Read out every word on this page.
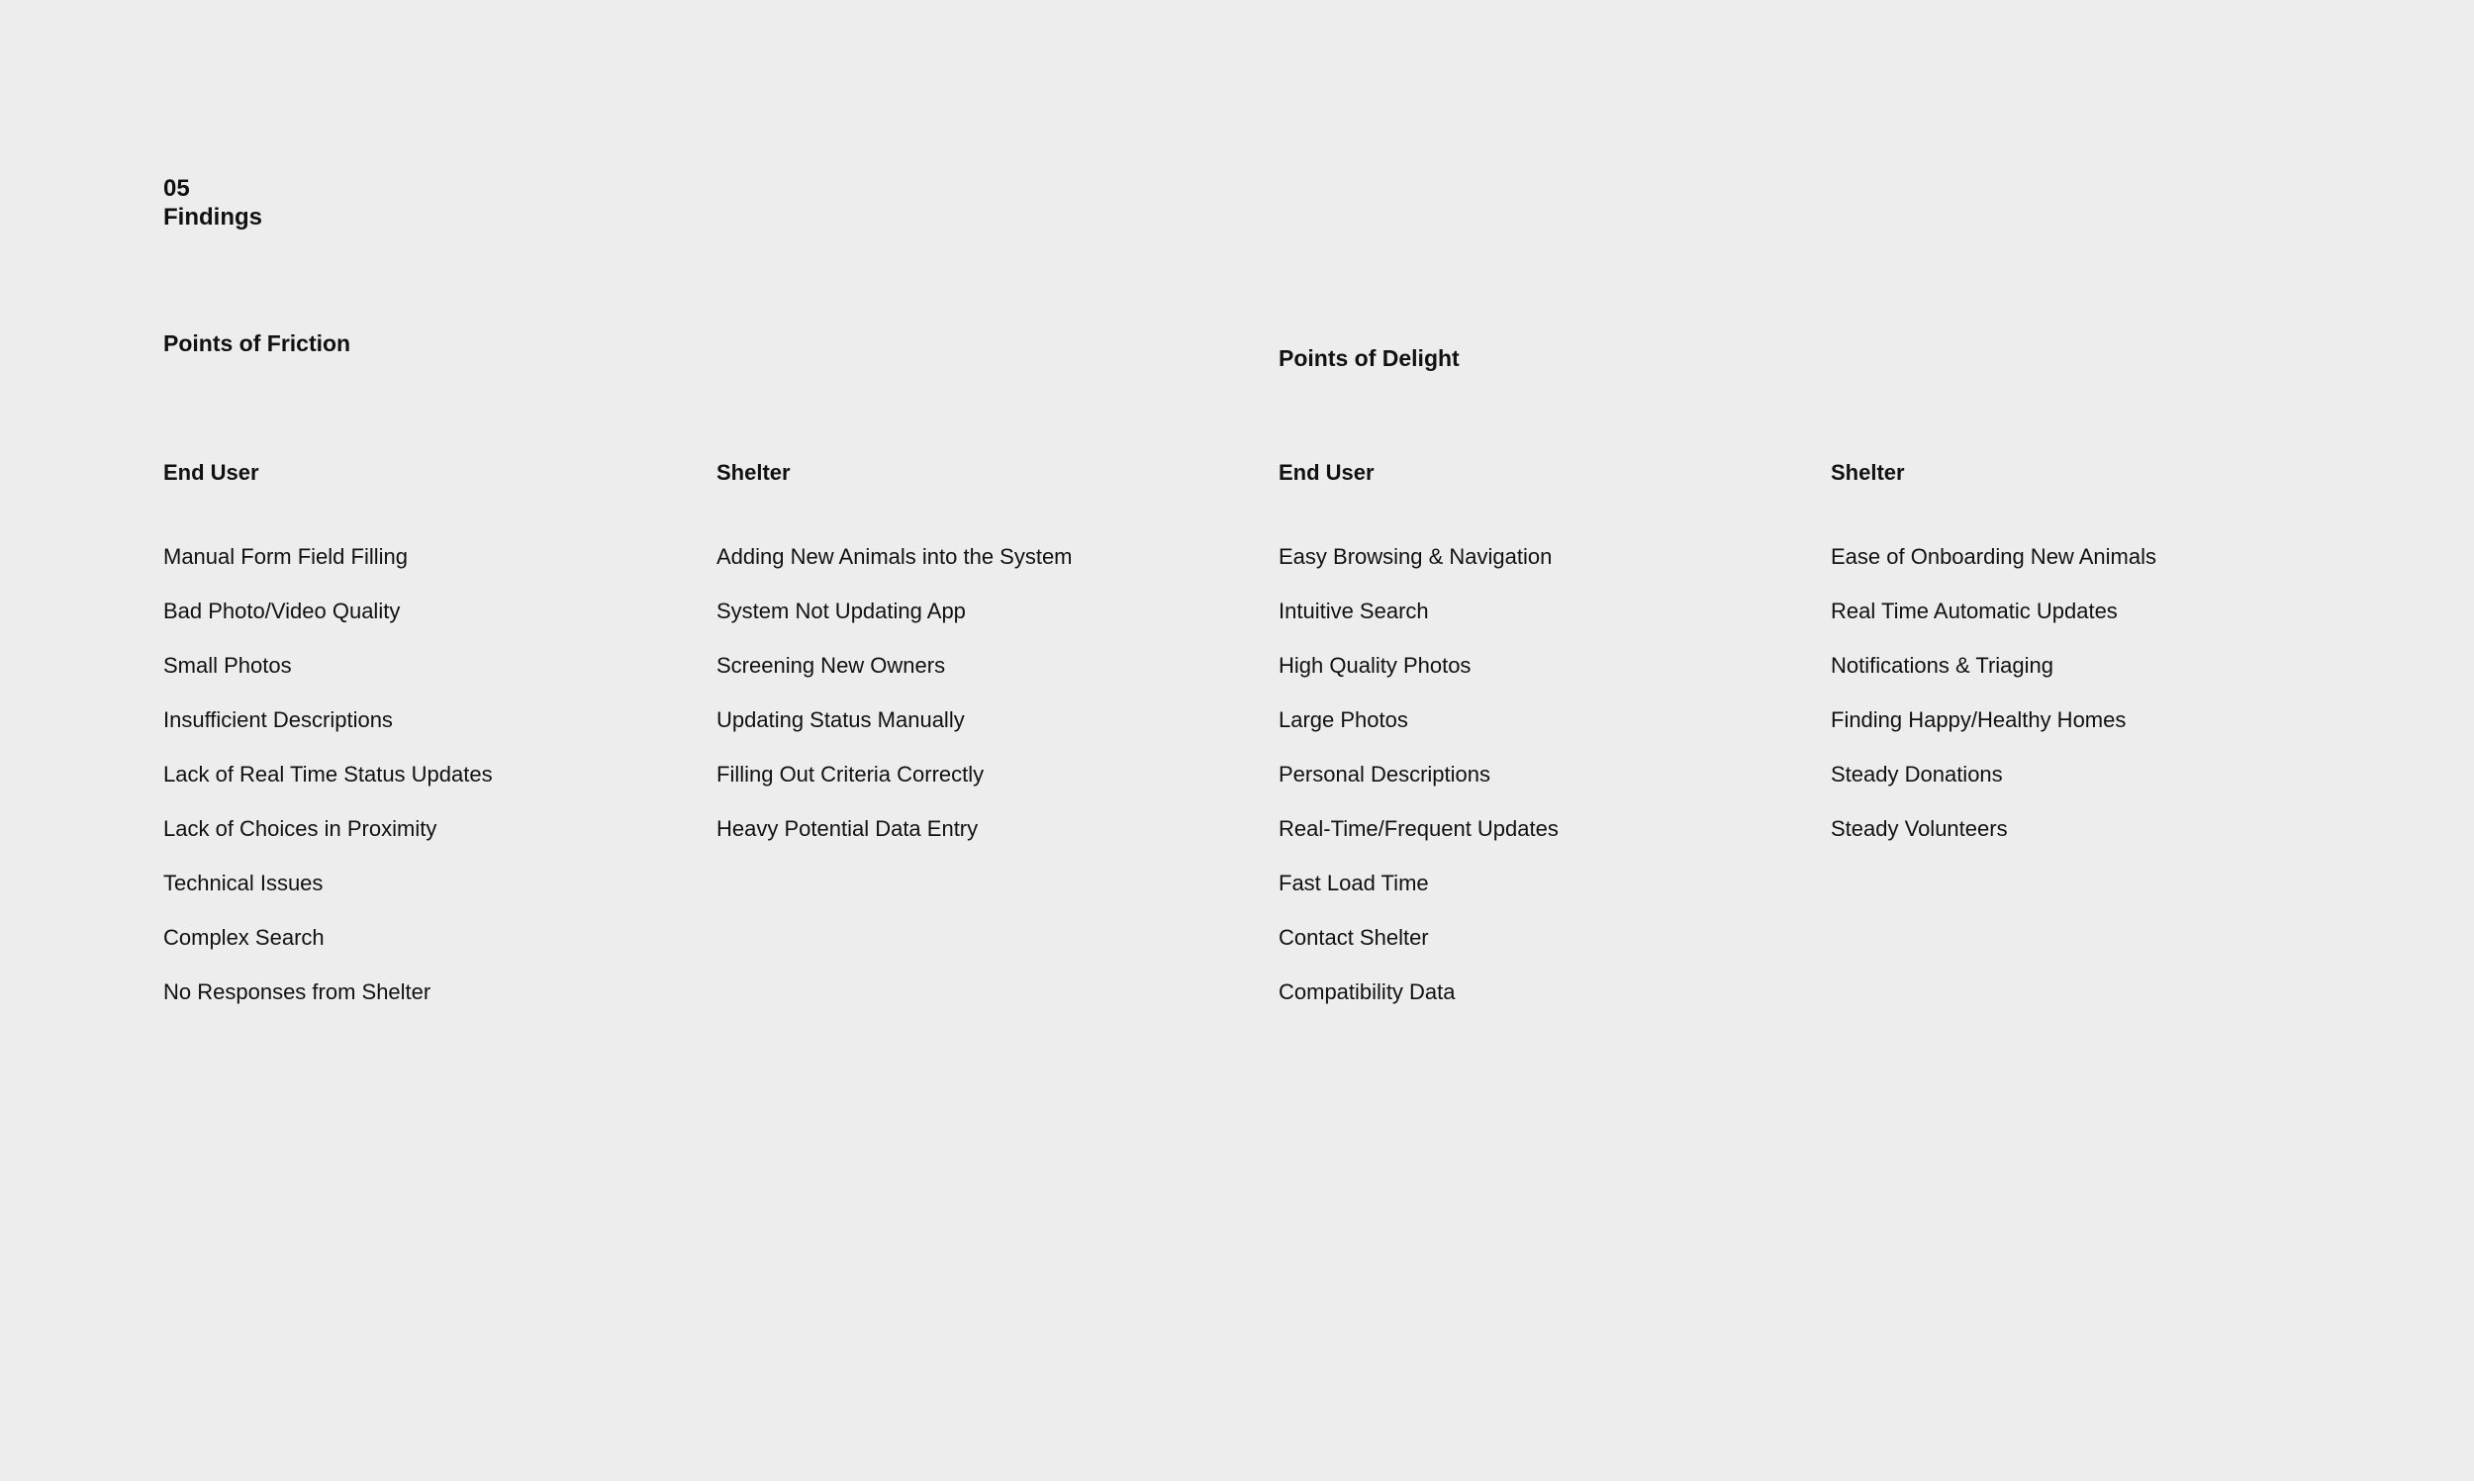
05
Findings
Points of Friction
Points of Delight
End User
Manual Form Field Filling
Bad Photo/Video Quality
Small Photos
Insufficient Descriptions
Lack of Real Time Status Updates
Lack of Choices in Proximity
Technical Issues
Complex Search
No Responses from Shelter
Shelter
Adding New Animals into the System
System Not Updating App
Screening New Owners
Updating Status Manually
Filling Out Criteria Correctly
Heavy Potential Data Entry
End User
Easy Browsing & Navigation
Intuitive Search
High Quality Photos
Large Photos
Personal Descriptions
Real-Time/Frequent Updates
Fast Load Time
Contact Shelter
Compatibility Data
Shelter
Ease of Onboarding New Animals
Real Time Automatic Updates
Notifications & Triaging
Finding Happy/Healthy Homes
Steady Donations
Steady Volunteers
